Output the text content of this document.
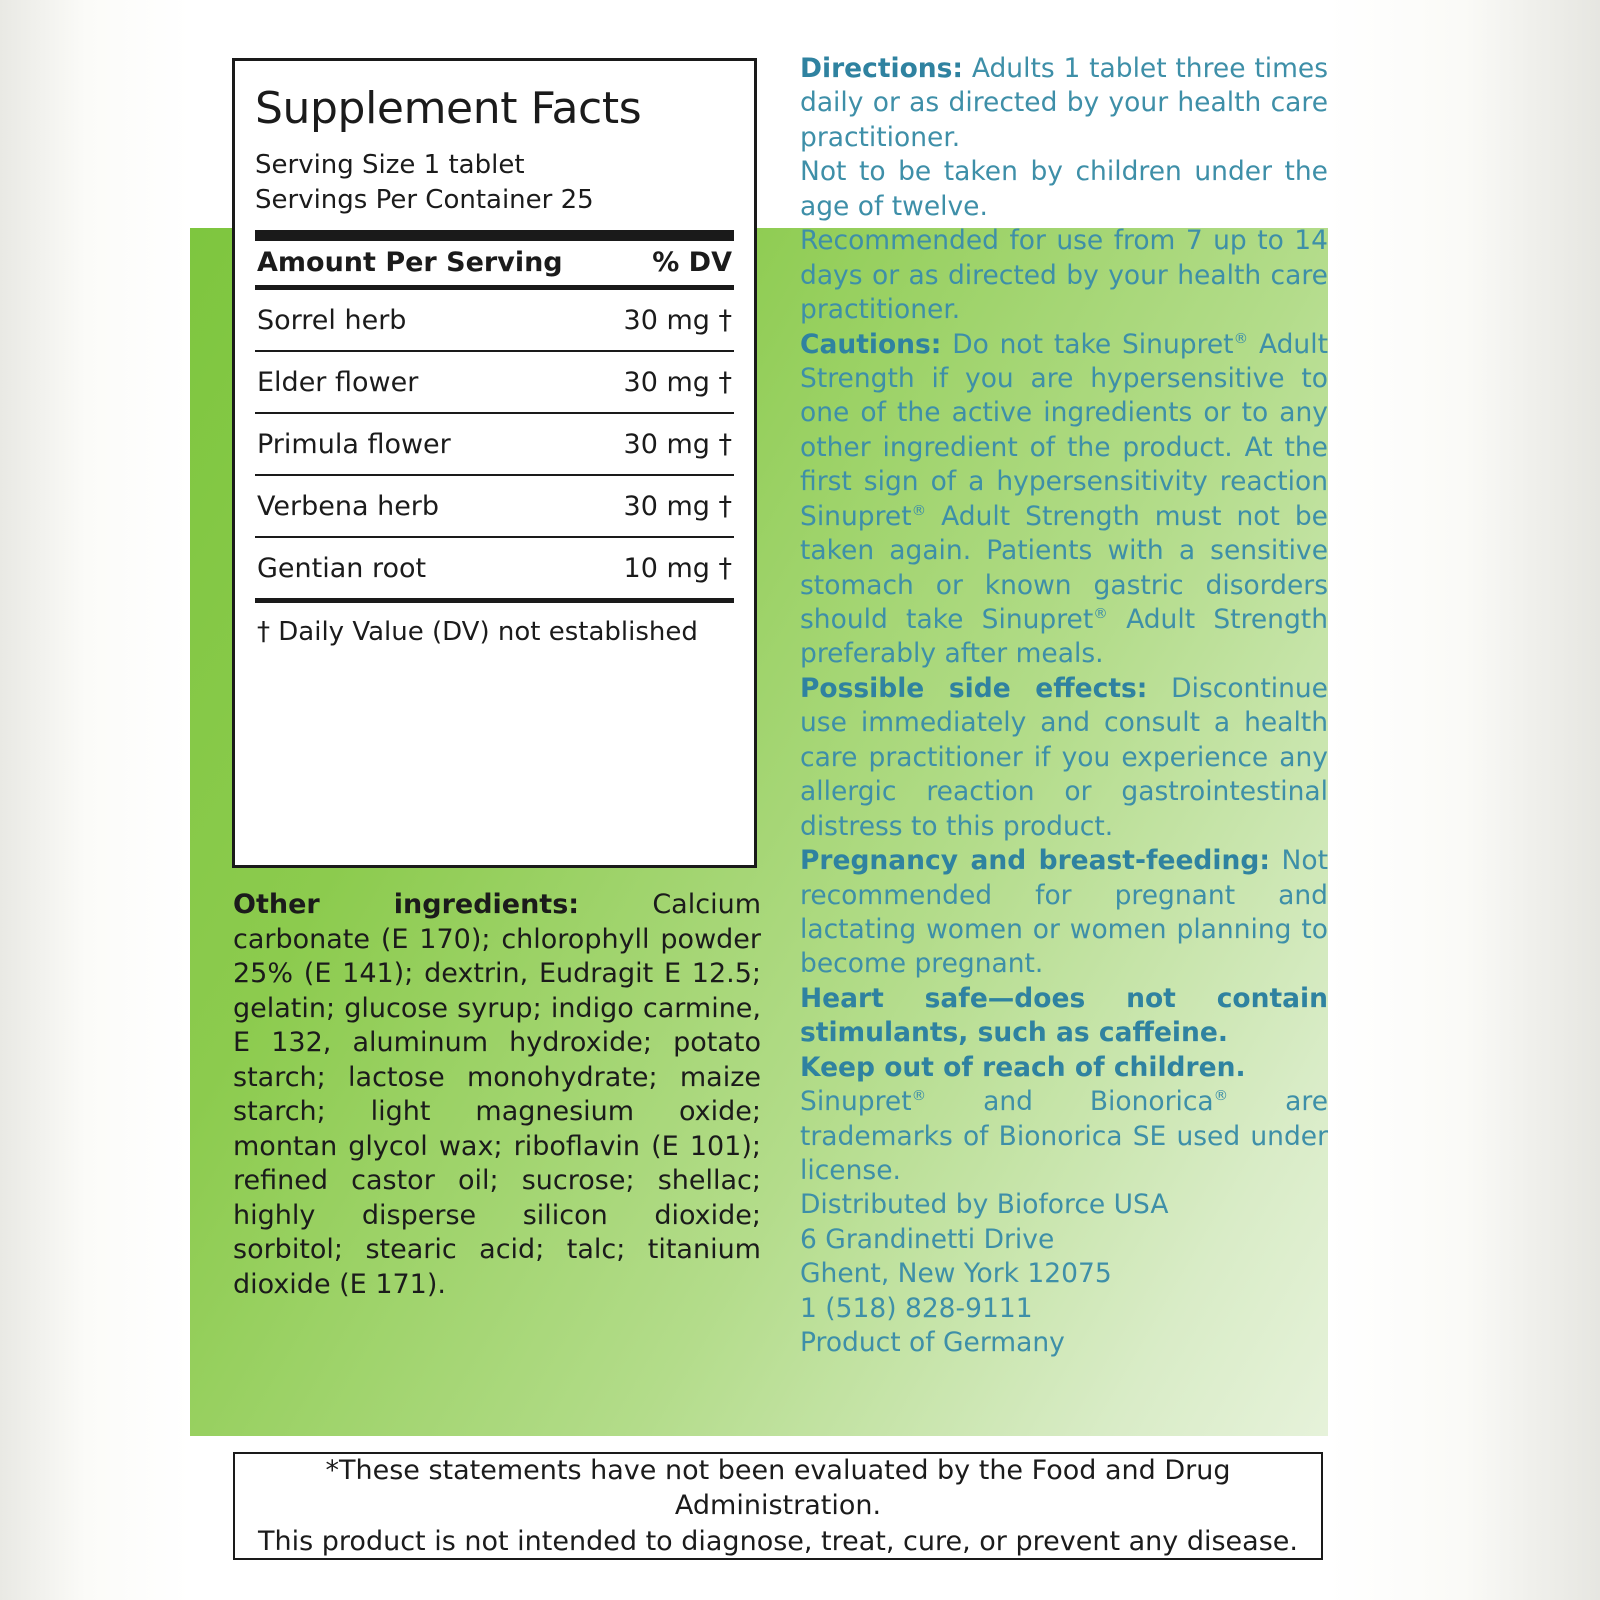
Supplement Facts
Serving Size 1 tablet
Servings Per Container 25
Amount Per Serving	% DV
Sorrel herb	30 mg †
Elder flower	30 mg †
Primula flower	30 mg †
Verbena herb	30 mg †
Gentian root	10 mg †
† Daily Value (DV) not established
Other ingredients: Calcium carbonate (E 170); chlorophyll powder 25% (E 141); dextrin, Eudragit E 12.5; gelatin; glucose syrup; indigo carmine, E 132, aluminum hydroxide; potato starch; lactose monohydrate; maize starch; light magnesium oxide; montan glycol wax; riboflavin (E 101); refined castor oil; sucrose; shellac; highly disperse silicon dioxide; sorbitol; stearic acid; talc; titanium dioxide (E 171).

Directions: Adults 1 tablet three times daily or as directed by your health care practitioner.

Not to be taken by children under the age of twelve.

Recommended for use from 7 up to 14 days or as directed by your health care practitioner.

Cautions: Do not take Sinupret® Adult Strength if you are hypersensitive to one of the active ingredients or to any other ingredient of the product. At the first sign of a hypersensitivity reaction Sinupret® Adult Strength must not be taken again. Patients with a sensitive stomach or known gastric disorders should take Sinupret® Adult Strength preferably after meals.

Possible side effects: Discontinue use immediately and consult a health care practitioner if you experience any allergic reaction or gastrointestinal distress to this product.

Pregnancy and breast-feeding: Not recommended for pregnant and lactating women or women planning to become pregnant.

Heart safe—does not contain stimulants, such as caffeine.

Keep out of reach of children.

Sinupret® and Bionorica® are trademarks of Bionorica SE used under license.

Distributed by Bioforce USA

6 Grandinetti Drive

Ghent, New York 12075

1 (518) 828-9111

Product of Germany

*These statements have not been evaluated by the Food and Drug Administration.
This product is not intended to diagnose, treat, cure, or prevent any disease.
